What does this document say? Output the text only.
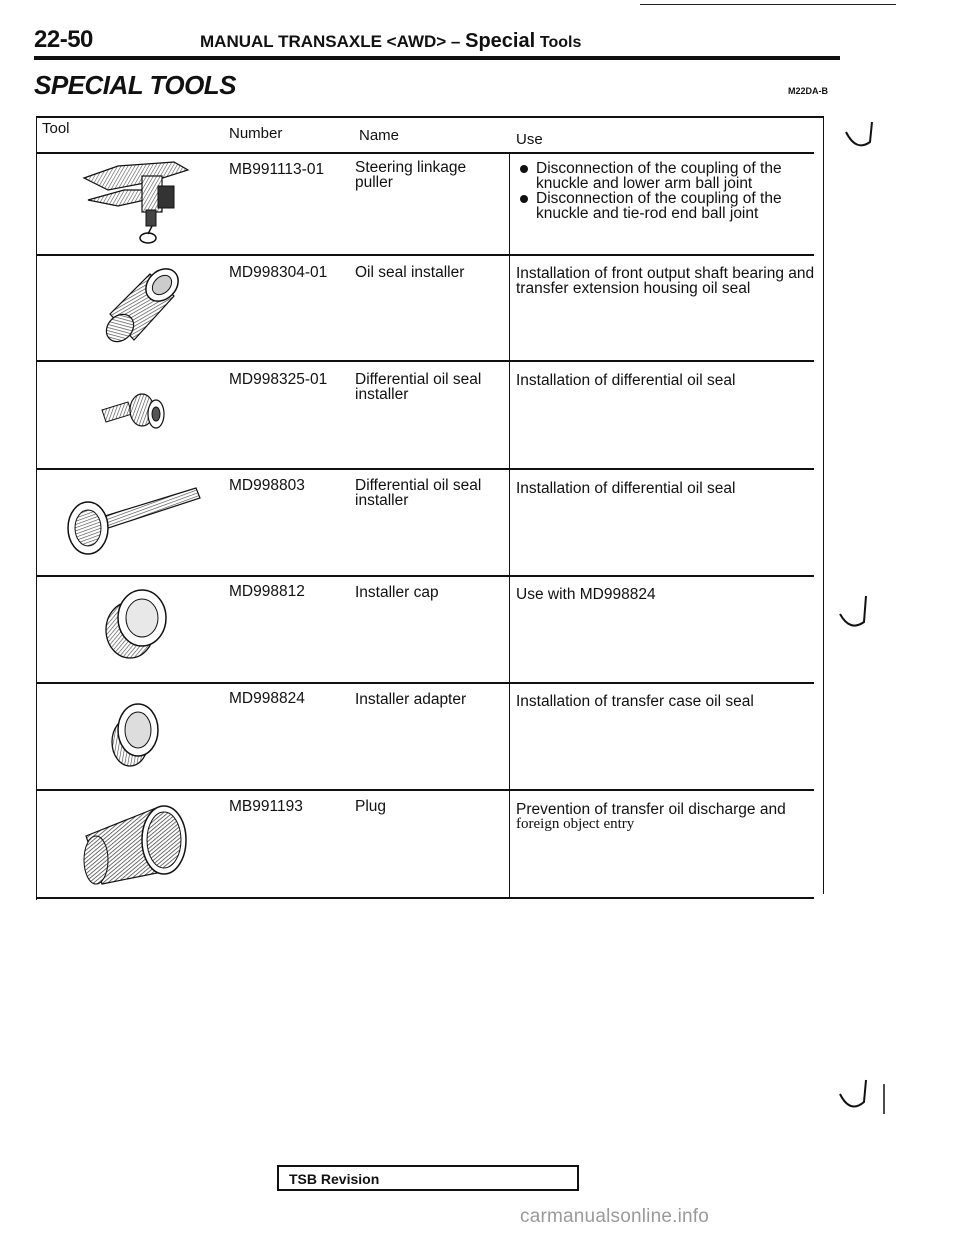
22-50	MANUAL TRANSAXLE <AWD> – Special Tools
SPECIAL TOOLS	M22DA-B
Tool	Number	Name	Use
MB991113-01	Steering linkage puller
Disconnection of the coupling of the knuckle and lower arm ball joint
Disconnection of the coupling of the knuckle and tie-rod end ball joint
MD998304-01	Oil seal installer	Installation of front output shaft bearing and transfer extension housing oil seal
MD998325-01	Differential oil seal installer
Installation of differential oil seal
MD998803	Differential oil seal installer
Installation of differential oil seal
MD998812	Installer cap	Use with MD998824
MD998824	Installer adapter	Installation of transfer case oil seal
MB991193	Plug	Prevention of transfer oil discharge and
foreign object entry
TSB Revision
carmanualsonline.info
